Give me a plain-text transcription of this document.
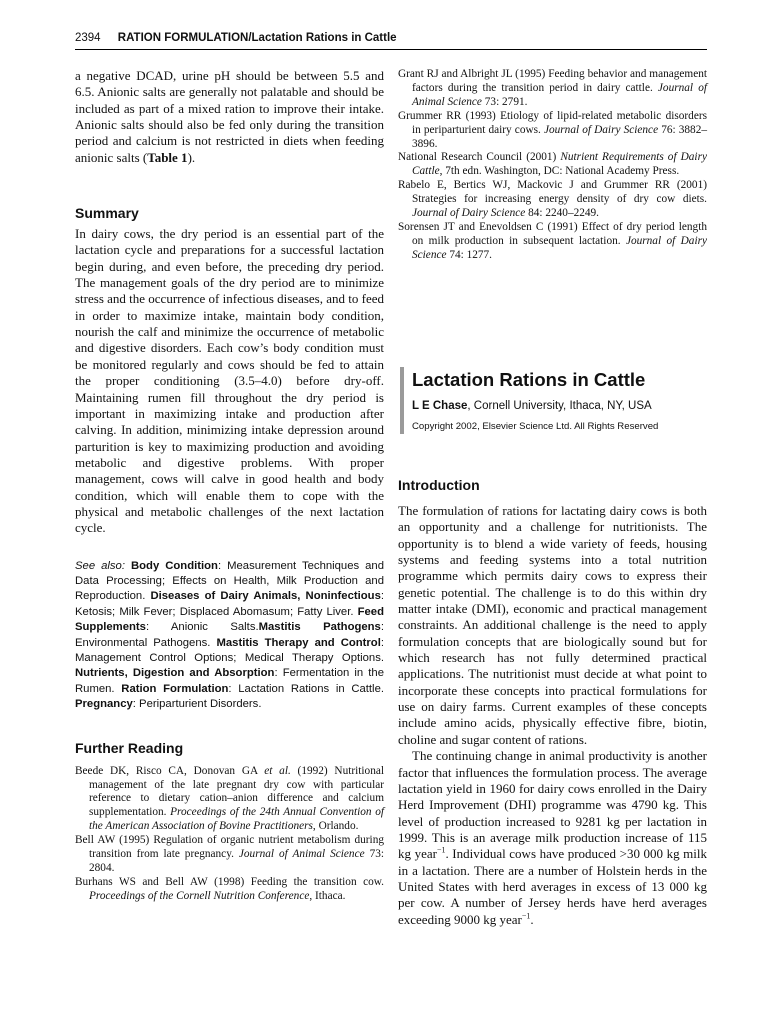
2394 RATION FORMULATION/Lactation Rations in Cattle

a negative DCAD, urine pH should be between 5.5 and 6.5. Anionic salts are generally not palatable and should be included as part of a mixed ration to improve their intake. Anionic salts should also be fed only during the transition period and calcium is not restricted in diets when feeding anionic salts (Table 1).

Summary

In dairy cows, the dry period is an essential part of the lactation cycle and preparations for a successful lactation begin during, and even before, the preceding dry period. The management goals of the dry period are to minimize stress and the occurrence of infectious diseases, and to feed in order to maximize intake, maintain body condition, nourish the calf and minimize the occurrence of metabolic and digestive disorders. Each cow’s body condition must be monitored regularly and cows should be fed to attain the proper conditioning (3.5–4.0) before dry-off. Maintaining rumen fill throughout the dry period is important in maximizing intake and production after calving. In addition, minimizing intake depression around parturition is key to maximizing production and avoiding metabolic and digestive problems. With proper management, cows will calve in good health and body condition, which will enable them to cope with the physical and metabolic challenges of the next lactation cycle.

See also: Body Condition: Measurement Techniques and Data Processing; Effects on Health, Milk Production and Reproduction. Diseases of Dairy Animals, Noninfectious: Ketosis; Milk Fever; Displaced Abomasum; Fatty Liver. Feed Supplements: Anionic Salts.Mastitis Pathogens: Environmental Pathogens. Mastitis Therapy and Control: Management Control Options; Medical Therapy Options. Nutrients, Digestion and Absorption: Fermentation in the Rumen. Ration Formulation: Lactation Rations in Cattle. Pregnancy: Periparturient Disorders.

Further Reading
Beede DK, Risco CA, Donovan GA et al. (1992) Nutritional management of the late pregnant dry cow with particular reference to dietary cation–anion difference and calcium supplementation. Proceedings of the 24th Annual Convention of the American Association of Bovine Practitioners, Orlando.
Bell AW (1995) Regulation of organic nutrient metabolism during transition from late pregnancy. Journal of Animal Science 73: 2804.
Burhans WS and Bell AW (1998) Feeding the transition cow. Proceedings of the Cornell Nutrition Conference, Ithaca.
Grant RJ and Albright JL (1995) Feeding behavior and management factors during the transition period in dairy cattle. Journal of Animal Science 73: 2791.
Grummer RR (1993) Etiology of lipid-related metabolic disorders in periparturient dairy cows. Journal of Dairy Science 76: 3882–3896.
National Research Council (2001) Nutrient Requirements of Dairy Cattle, 7th edn. Washington, DC: National Academy Press.
Rabelo E, Bertics WJ, Mackovic J and Grummer RR (2001) Strategies for increasing energy density of dry cow diets. Journal of Dairy Science 84: 2240–2249.
Sorensen JT and Enevoldsen C (1991) Effect of dry period length on milk production in subsequent lactation. Journal of Dairy Science 74: 1277.
Lactation Rations in Cattle
L E Chase, Cornell University, Ithaca, NY, USA
Copyright 2002, Elsevier Science Ltd. All Rights Reserved
Introduction

The formulation of rations for lactating dairy cows is both an opportunity and a challenge for nutritionists. The opportunity is to blend a wide variety of feeds, housing systems and feeding systems into a total nutrition programme which permits dairy cows to express their genetic potential. The challenge is to do this within dry matter intake (DMI), economic and practical management constraints. An additional challenge is the need to apply formulation concepts that are biologically sound but for which research has not fully determined practical applications. The nutritionist must decide at what point to incorporate these concepts into practical formulations for use on dairy farms. Current examples of these concepts include amino acids, physically effective fibre, biotin, choline and sugar content of rations.

The continuing change in animal productivity is another factor that influences the formulation process. The average lactation yield in 1960 for dairy cows enrolled in the Dairy Herd Improvement (DHI) programme was 4790 kg. This level of production increased to 9281 kg per lactation in 1999. This is an average milk production increase of 115 kg year$^{-1}$. Individual cows have produced >30 000 kg milk in a lactation. There are a number of Holstein herds in the United States with herd averages in excess of 13 000 kg per cow. A number of Jersey herds have herd averages exceeding 9000 kg year$^{-1}$.
